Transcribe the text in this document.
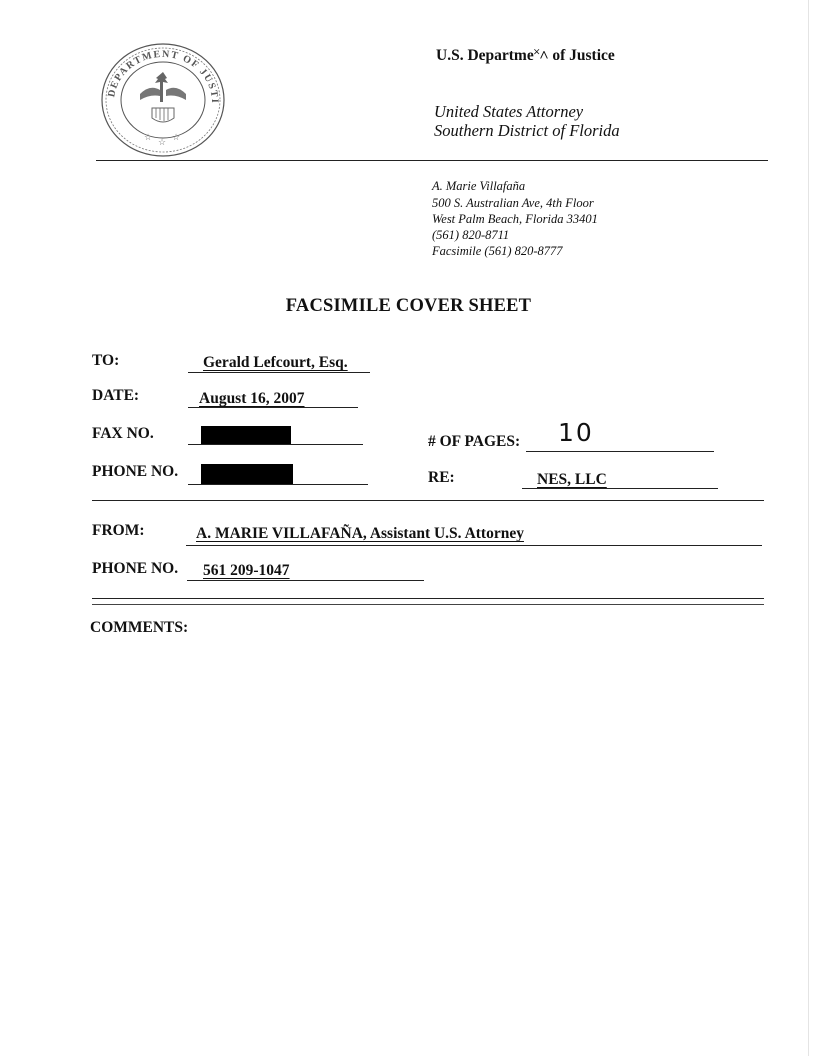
DEPARTMENT OF JUSTI
☆ ☆ ☆
U.S. Departme˟˄ of Justice
United States Attorney
Southern District of Florida
A. Marie Villafaña
500 S. Australian Ave, 4th Floor
West Palm Beach, Florida 33401
(561) 820-8711
Facsimile (561) 820-8777
FACSIMILE COVER SHEET
TO:	Gerald Lefcourt, Esq.
DATE:	August 16, 2007
FAX NO.	# OF PAGES: 10
PHONE NO.	RE:	NES, LLC
FROM:	A. MARIE VILLAFAÑA, Assistant U.S. Attorney
PHONE NO. 561 209-1047
COMMENTS:
